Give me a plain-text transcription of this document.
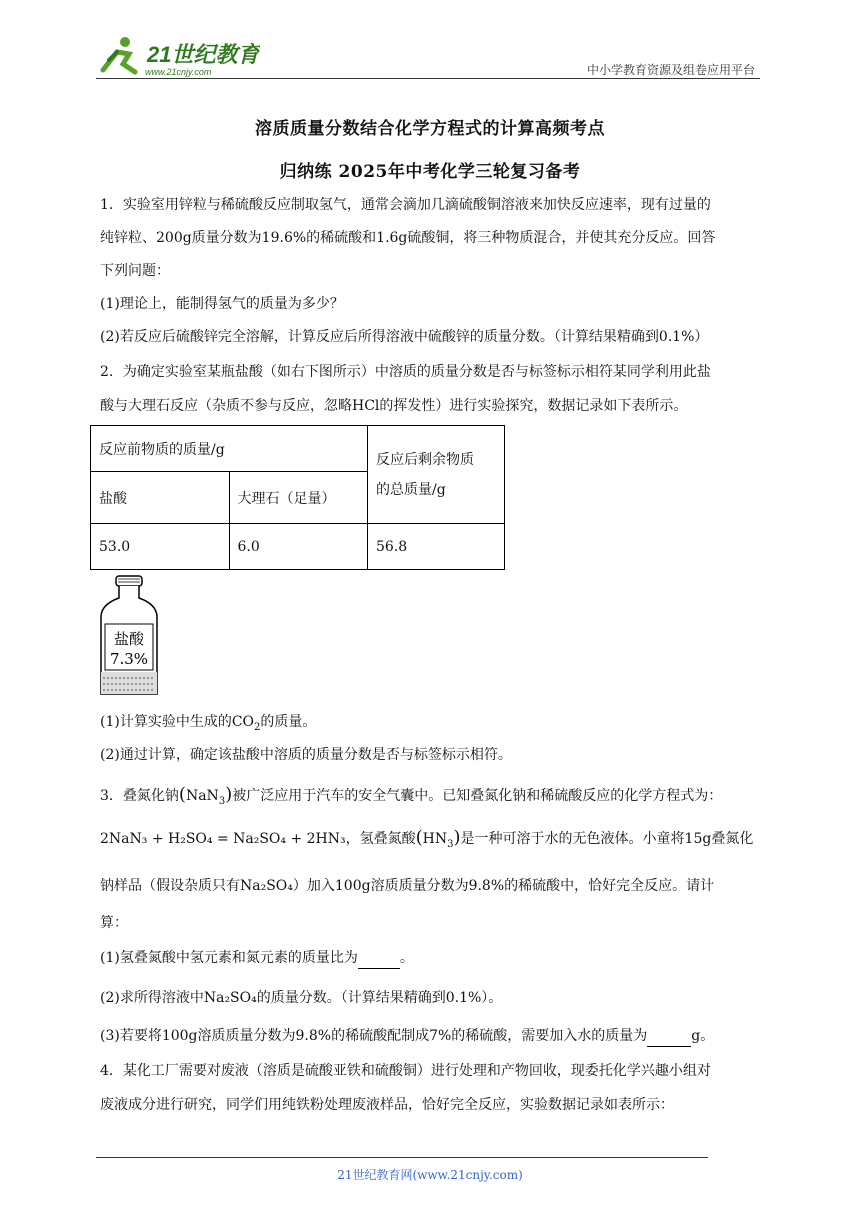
21世纪教育
www.21cnjy.com	中小学教育资源及组卷应用平台
溶质质量分数结合化学方程式的计算高频考点
归纳练 2025年中考化学三轮复习备考
1．实验室用锌粒与稀硫酸反应制取氢气，通常会滴加几滴硫酸铜溶液来加快反应速率，现有过量的
纯锌粒、200g质量分数为19.6%的稀硫酸和1.6g硫酸铜，将三种物质混合，并使其充分反应。回答
下列问题：
(1)理论上，能制得氢气的质量为多少？
(2)若反应后硫酸锌完全溶解，计算反应后所得溶液中硫酸锌的质量分数。（计算结果精确到0.1%）
2．为确定实验室某瓶盐酸（如右下图所示）中溶质的质量分数是否与标签标示相符某同学利用此盐
酸与大理石反应（杂质不参与反应，忽略HCl的挥发性）进行实验探究，数据记录如下表所示。
反应前物质的质量/g		反应后剩余物质
的总质量/g

盐酸	大理石（足量）	
53.0	6.0	56.8
盐酸
7.3%
(1)计算实验中生成的$CO_2$的质量。
(2)通过计算，确定该盐酸中溶质的质量分数是否与标签标示相符。
3．叠氮化钠(NaN$_3$)被广泛应用于汽车的安全气囊中。已知叠氮化钠和稀硫酸反应的化学方程式为：
2NaN₃ + H₂SO₄ = Na₂SO₄ + 2HN₃，氢叠氮酸$(HN_3)$是一种可溶于水的无色液体。小童将15g叠氮化
钠样品（假设杂质只有Na₂SO₄）加入100g溶质质量分数为9.8%的稀硫酸中，恰好完全反应。请计
算：
(1)氢叠氮酸中氢元素和氮元素的质量比为	。
(2)求所得溶液中Na₂SO₄的质量分数。（计算结果精确到0.1%）。
(3)若要将100g溶质质量分数为9.8%的稀硫酸配制成7%的稀硫酸，需要加入水的质量为	g。
4．某化工厂需要对废液（溶质是硫酸亚铁和硫酸铜）进行处理和产物回收，现委托化学兴趣小组对
废液成分进行研究，同学们用纯铁粉处理废液样品，恰好完全反应，实验数据记录如表所示：
21世纪教育网(www.21cnjy.com)
